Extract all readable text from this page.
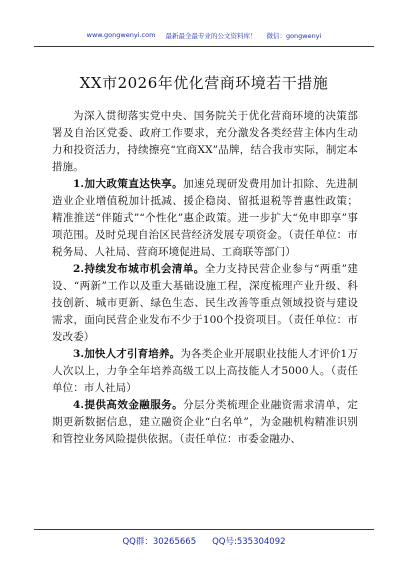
www.gongwenyi.com 最新最全最专业的公文资料库！ 微信：gongwenyi
XX市2026年优化营商环境若干措施

为深入贯彻落实党中央、国务院关于优化营商环境的决策部署及自治区党委、政府工作要求，充分激发各类经营主体内生动力和投资活力，持续擦亮“宜商XX”品牌，结合我市实际，制定本措施。

1.加大政策直达快享。加速兑现研发费用加计扣除、先进制造业企业增值税加计抵减、援企稳岗、留抵退税等普惠性政策；精准推送“伴随式”“个性化”惠企政策。进一步扩大“免申即享”事项范围。及时兑现自治区民营经济发展专项资金。（责任单位：市税务局、人社局、营商环境促进局、工商联等部门）

2.持续发布城市机会清单。全力支持民营企业参与“两重”建设、“两新”工作以及重大基础设施工程，深度梳理产业升级、科技创新、城市更新、绿色生态、民生改善等重点领域投资与建设需求，面向民营企业发布不少于100个投资项目。（责任单位：市发改委）

3.加快人才引育培养。为各类企业开展职业技能人才评价1万人次以上，力争全年培养高级工以上高技能人才5000人。（责任单位：市人社局）

4.提供高效金融服务。分层分类梳理企业融资需求清单，定期更新数据信息，建立融资企业“白名单”，为金融机构精准识别和管控业务风险提供依据。（责任单位：市委金融办、

QQ群：30265665 QQ号:535304092
